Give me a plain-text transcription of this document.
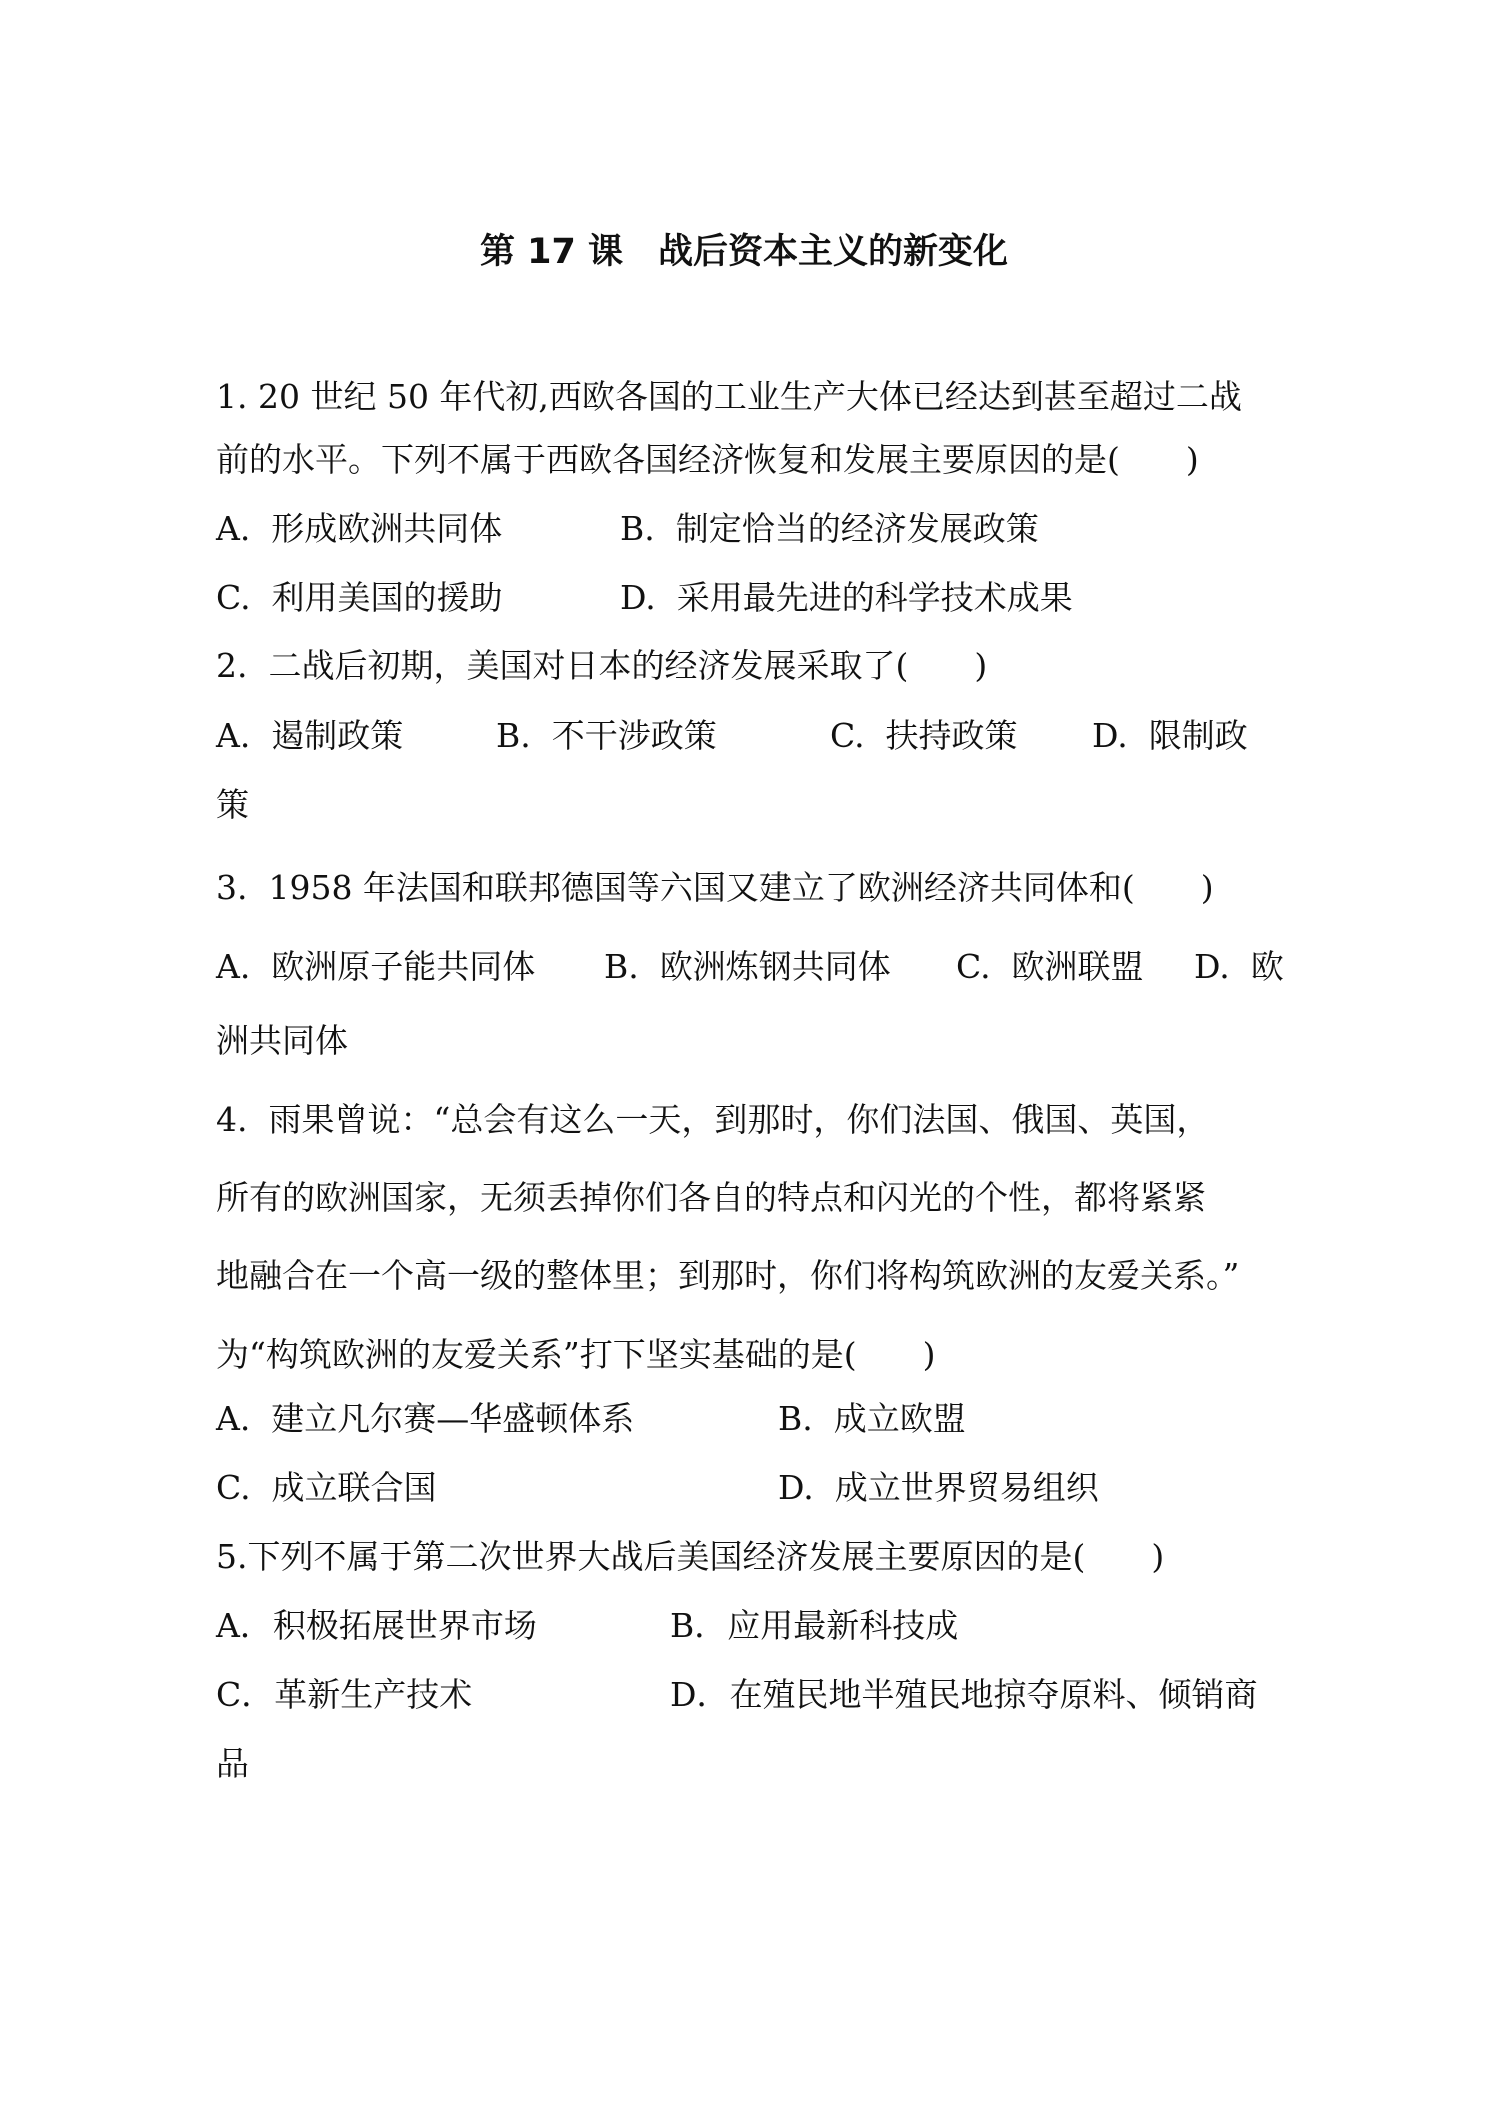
第 17 课　战后资本主义的新变化
1. 20 世纪 50 年代初,西欧各国的工业生产大体已经达到甚至超过二战
前的水平。下列不属于西欧各国经济恢复和发展主要原因的是(　　)
A.  形成欧洲共同体	B.  制定恰当的经济发展政策
C.  利用美国的援助	D.  采用最先进的科学技术成果
2.  二战后初期，美国对日本的经济发展采取了(　　)
A.  遏制政策	B.  不干涉政策	C.  扶持政策 D.  限制政
策
3.  1958 年法国和联邦德国等六国又建立了欧洲经济共同体和(　　)
A.  欧洲原子能共同体 B.  欧洲炼钢共同体 C.  欧洲联盟 D.  欧
洲共同体
4.  雨果曾说：“总会有这么一天，到那时，你们法国、俄国、英国，
所有的欧洲国家，无须丢掉你们各自的特点和闪光的个性，都将紧紧
地融合在一个高一级的整体里；到那时，你们将构筑欧洲的友爱关系。”
为“构筑欧洲的友爱关系”打下坚实基础的是(　　)
A.  建立凡尔赛—华盛顿体系	B.  成立欧盟
C.  成立联合国	D.  成立世界贸易组织
5.下列不属于第二次世界大战后美国经济发展主要原因的是(　　)
A．积极拓展世界市场	B．应用最新科技成
C．革新生产技术	D．在殖民地半殖民地掠夺原料、倾销商
品
